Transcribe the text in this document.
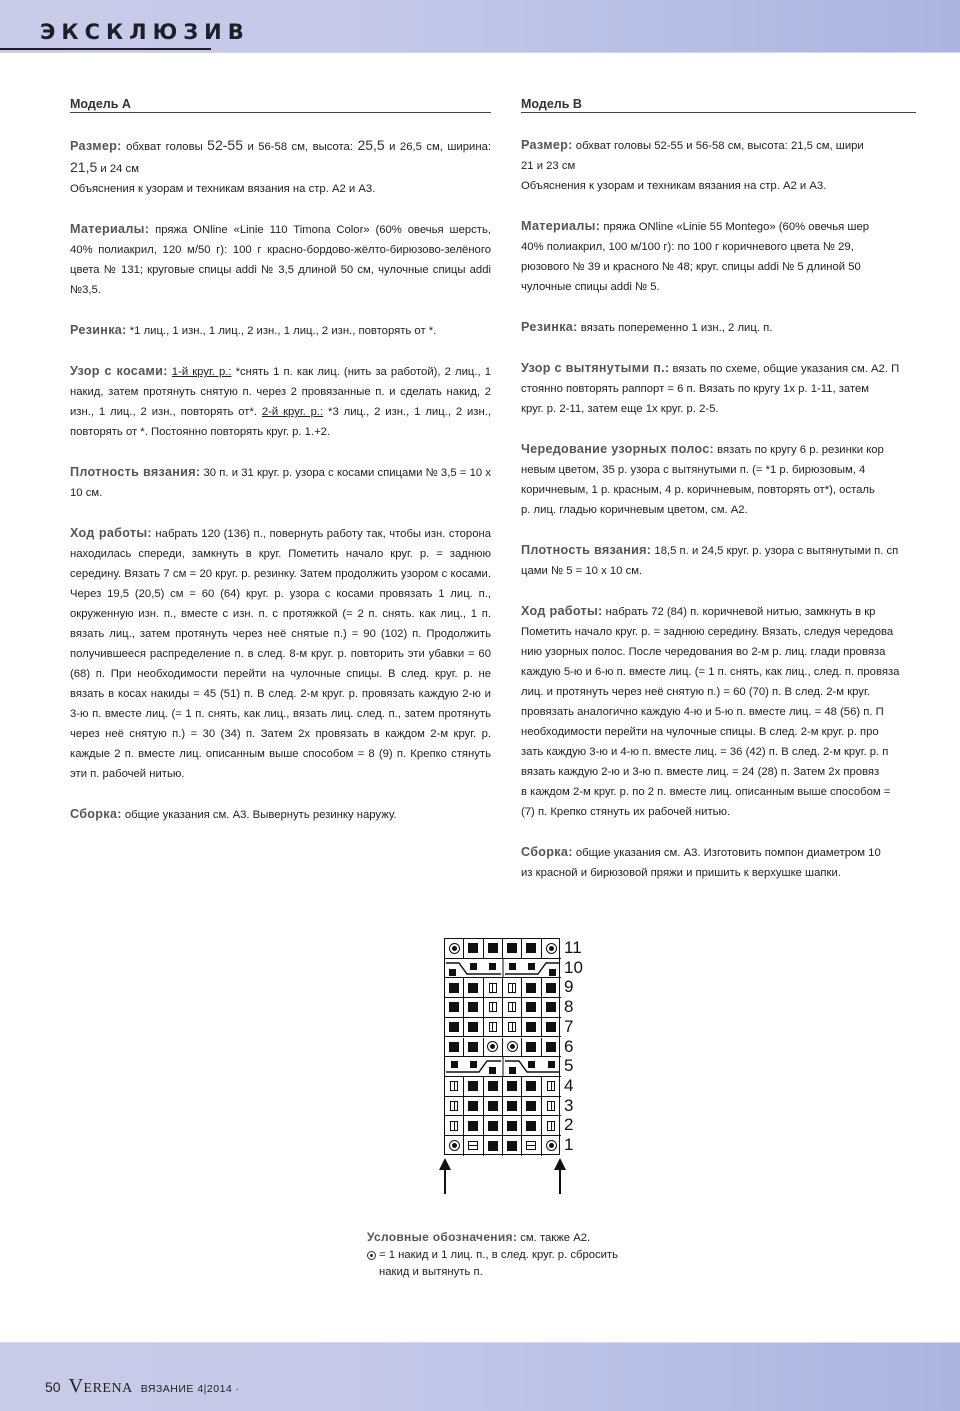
ЭКСКЛЮЗИВ
Модель A

Размер: обхват головы 52-55 и 56-58 см, высота: 25,5 и 26,5 см, ширина: 21,5 и 24 см

Объяснения к узорам и техникам вязания на стр. A2 и A3.

Материалы: пряжа ONline «Linie 110 Timona Color» (60% овечья шерсть, 40% полиакрил, 120 м/50 г): 100 г красно-бордово-жёлто-бирюзово-зелёного цвета № 131; круговые спицы addi № 3,5 длиной 50 см, чулочные спицы addi №3,5.

Резинка: *1 лиц., 1 изн., 1 лиц., 2 изн., 1 лиц., 2 изн., повторять от *.

Узор с косами: 1-й круг. р.: *снять 1 п. как лиц. (нить за работой), 2 лиц., 1 накид, затем протянуть снятую п. через 2 провязанные п. и сделать накид, 2 изн., 1 лиц., 2 изн., повторять от*. 2-й круг. р.: *3 лиц., 2 изн., 1 лиц., 2 изн., повторять от *. Постоянно повторять круг. р. 1.+2.

Плотность вязания: 30 п. и 31 круг. р. узора с косами спицами № 3,5 = 10 x 10 см.

Ход работы: набрать 120 (136) п., повернуть работу так, чтобы изн. сторона находилась спереди, замкнуть в круг. Пометить начало круг. р. = заднюю середину. Вязать 7 см = 20 круг. р. резинку. Затем продолжить узором с косами. Через 19,5 (20,5) см = 60 (64) круг. р. узора с косами провязать 1 лиц. п., окруженную изн. п., вместе с изн. п. с протяжкой (= 2 п. снять. как лиц., 1 п. вязать лиц., затем протянуть через неё снятые п.) = 90 (102) п. Продолжить получившееся распределение п. в след. 8-м круг. р. повторить эти убавки = 60 (68) п. При необходимости перейти на чулочные спицы. В след. круг. р. не вязать в косах накиды = 45 (51) п. В след. 2-м круг. р. провязать каждую 2-ю и 3-ю п. вместе лиц. (= 1 п. снять, как лиц., вязать лиц. след. п., затем протянуть через неё снятую п.) = 30 (34) п. Затем 2х провязать в каждом 2-м круг. р. каждые 2 п. вместе лиц. описанным выше способом = 8 (9) п. Крепко стянуть эти п. рабочей нитью.

Сборка: общие указания см. A3. Вывернуть резинку наружу.

Модель B

Размер: обхват головы 52-55 и 56-58 см, высота: 21,5 см, шири

21 и 23 см

Объяснения к узорам и техникам вязания на стр. A2 и A3.

Материалы: пряжа ONline «Linie 55 Montego» (60% овечья шер

40% полиакрил, 100 м/100 г): по 100 г коричневого цвета № 29,

рюзового № 39 и красного № 48; круг. спицы addi № 5 длиной 50

чулочные спицы addi № 5.

Резинка: вязать попеременно 1 изн., 2 лиц. п.

Узор с вытянутыми п.: вязать по схеме, общие указания см. A2. П

стоянно повторять раппорт = 6 п. Вязать по кругу 1x р. 1-11, затем

круг. р. 2-11, затем еще 1x круг. р. 2-5.

Чередование узорных полос: вязать по кругу 6 р. резинки кор

невым цветом, 35 р. узора с вытянутыми п. (= *1 р. бирюзовым, 4

коричневым, 1 р. красным, 4 р. коричневым, повторять от*), осталь

р. лиц. гладью коричневым цветом, см. A2.

Плотность вязания: 18,5 п. и 24,5 круг. р. узора с вытянутыми п. сп

цами № 5 = 10 x 10 см.

Ход работы: набрать 72 (84) п. коричневой нитью, замкнуть в кр

Пометить начало круг. р. = заднюю середину. Вязать, следуя чередова

нию узорных полос. После чередования во 2-м р. лиц. глади провяза

каждую 5-ю и 6-ю п. вместе лиц. (= 1 п. снять, как лиц., след. п. провяза

лиц. и протянуть через неё снятую п.) = 60 (70) п. В след. 2-м круг.

провязать аналогично каждую 4-ю и 5-ю п. вместе лиц. = 48 (56) п. П

необходимости перейти на чулочные спицы. В след. 2-м круг. р. про

зать каждую 3-ю и 4-ю п. вместе лиц. = 36 (42) п. В след. 2-м круг. р. п

вязать каждую 2-ю и 3-ю п. вместе лиц. = 24 (28) п. Затем 2x провяз

в каждом 2-м круг. р. по 2 п. вместе лиц. описанным выше способом =

(7) п. Крепко стянуть их рабочей нитью.

Сборка: общие указания см. A3. Изготовить помпон диаметром 10

из красной и бирюзовой пряжи и пришить к верхушке шапки.

11
10
9
8
7
6
5
4
3
2
1
Условные обозначения: см. также A2.
= 1 накид и 1 лиц. п., в след. круг. р. сбросить
накид и вытянуть п.
50 VERENA ВЯЗАНИЕ 4|2014 ·
